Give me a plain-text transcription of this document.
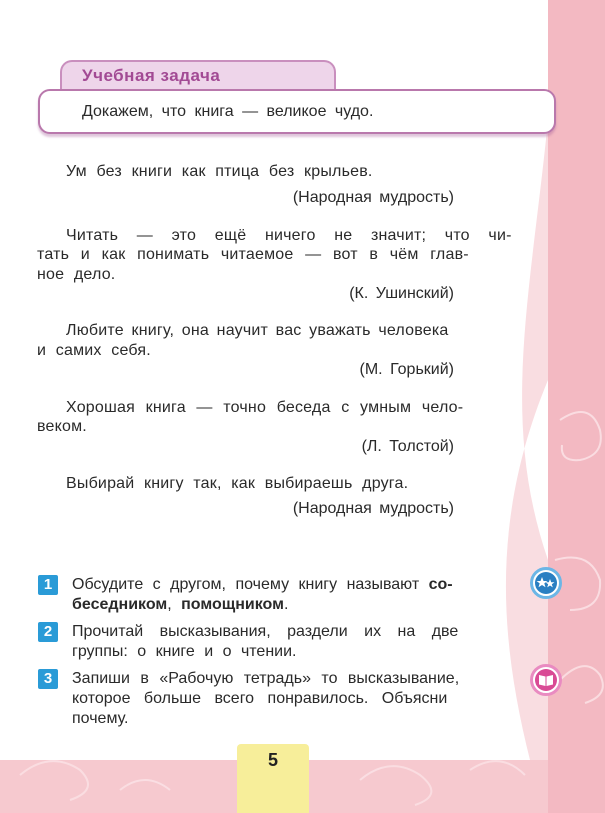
Учебная задача
Докажем, что книга — великое чудо.
Ум без книги как птица без крыльев.
(Народная мудрость)
Читать — это ещё ничего не значит; что чи-
тать и как понимать читаемое — вот в чём глав-
ное дело.
(К. Ушинский)
Любите книгу, она научит вас уважать человека
и самих себя.
(М. Горький)
Хорошая книга — точно беседа с умным чело-
веком.
(Л. Толстой)
Выбирай книгу так, как выбираешь друга.
(Народная мудрость)
1	Обсудите с другом, почему книгу называют со-
беседником, помощником.
2	Прочитай высказывания, раздели их на две
группы: о книге и о чтении.
3	Запиши в «Рабочую тетрадь» то высказывание,
которое больше всего понравилось. Объясни
почему.
5
